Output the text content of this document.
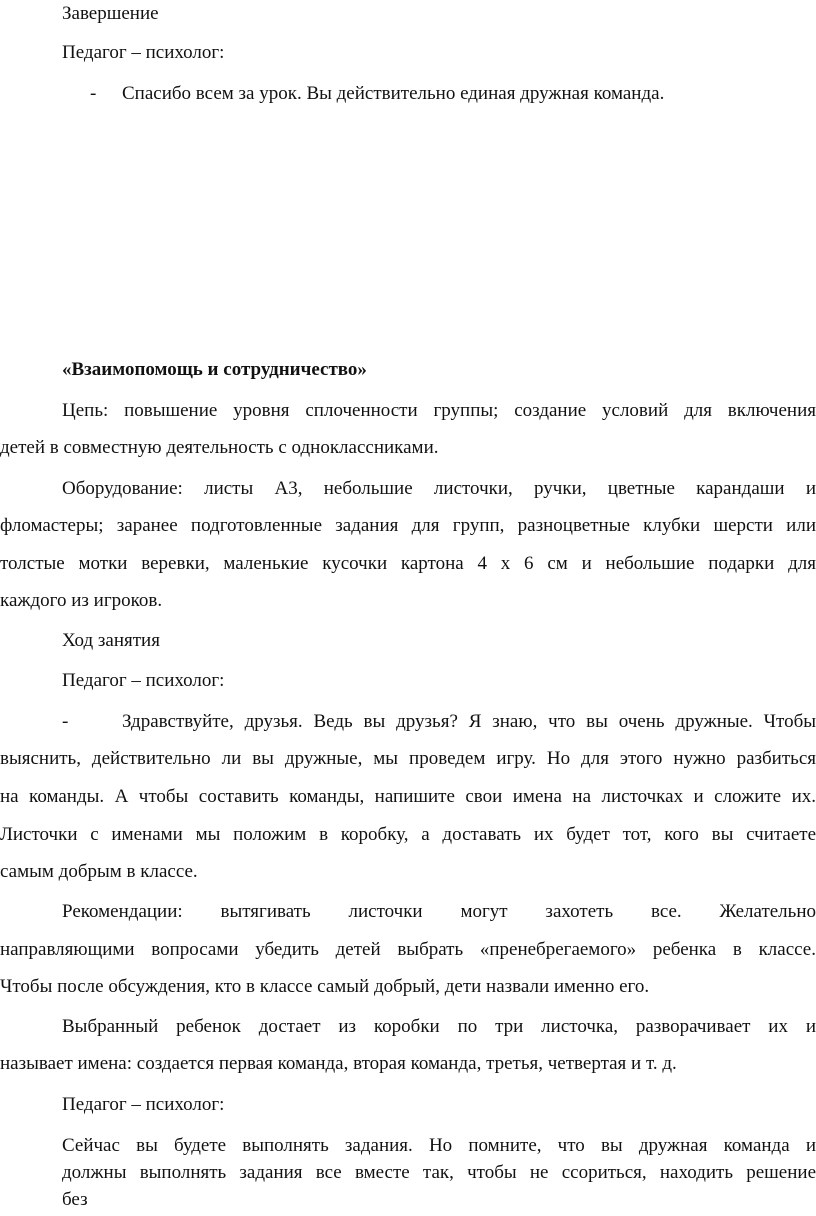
Завершение
Педагог – психолог:
- Спасибо всем за урок. Вы действительно единая дружная команда.
«Взаимопомощь и сотрудничество»
Цепь: повышение уровня сплоченности группы; создание условий для включения
детей в совместную деятельность с одноклассниками.
Оборудование: листы А3, небольшие листочки, ручки, цветные карандаши и
фломастеры; заранее подготовленные задания для групп, разноцветные клубки шерсти или
толстые мотки веревки, маленькие кусочки картона 4 х 6 см и небольшие подарки для
каждого из игроков.
Ход занятия
Педагог – психолог:
-	Здравствуйте, друзья. Ведь вы друзья? Я знаю, что вы очень дружные. Чтобы
выяснить, действительно ли вы дружные, мы проведем игру. Но для этого нужно разбиться
на команды. А чтобы составить команды, напишите свои имена на листочках и сложите их.
Листочки с именами мы положим в коробку, а доставать их будет тот, кого вы считаете
самым добрым в классе.
Рекомендации: вытягивать листочки могут захотеть все. Желательно
направляющими вопросами убедить детей выбрать «пренебрегаемого» ребенка в классе.
Чтобы после обсуждения, кто в классе самый добрый, дети назвали именно его.
Выбранный ребенок достает из коробки по три листочка, разворачивает их и
называет имена: создается первая команда, вторая команда, третья, четвертая и т. д.
Педагог – психолог:
Сейчас вы будете выполнять задания. Но помните, что вы дружная команда и
должны выполнять задания все вместе так, чтобы не ссориться, находить решение
без
